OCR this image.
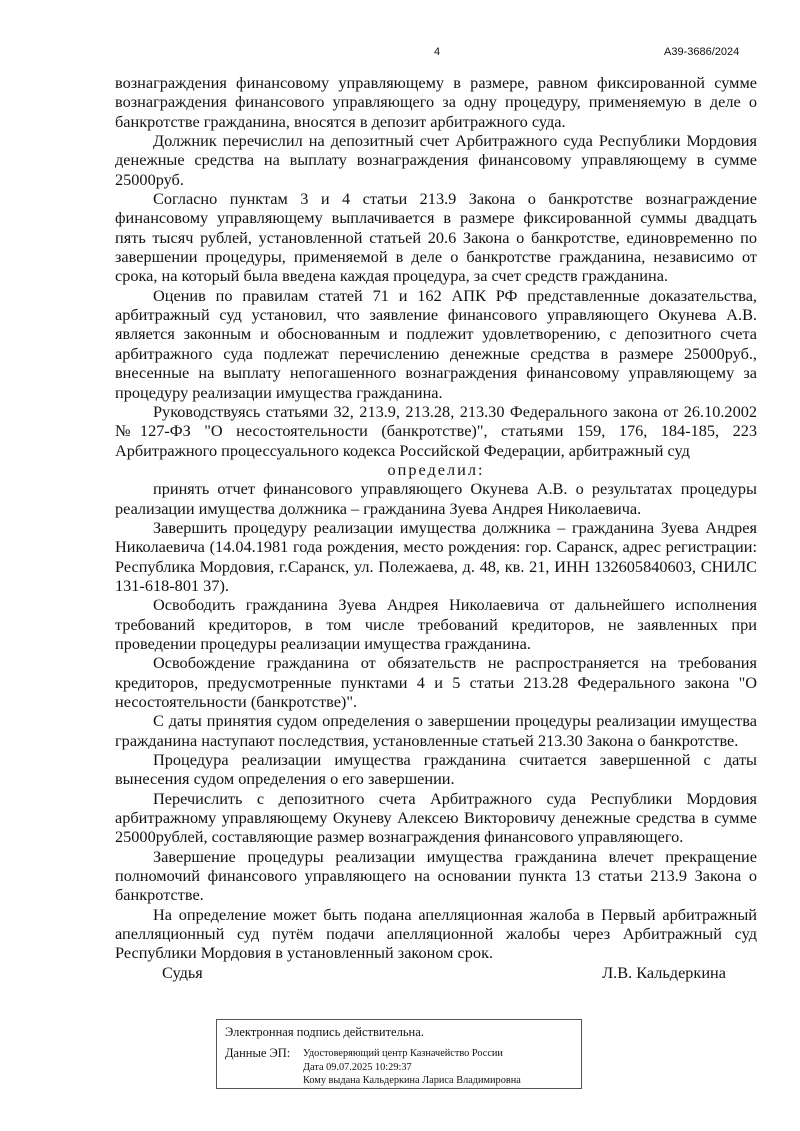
4	А39-3686/2024

вознаграждения финансовому управляющему в размере, равном фиксированной сумме вознаграждения финансового управляющего за одну процедуру, применяемую в деле о банкротстве гражданина, вносятся в депозит арбитражного суда.

Должник перечислил на депозитный счет Арбитражного суда Республики Мордовия денежные средства на выплату вознаграждения финансовому управляющему в сумме 25000руб.

Согласно пунктам 3 и 4 статьи 213.9 Закона о банкротстве вознаграждение финансовому управляющему выплачивается в размере фиксированной суммы двадцать пять тысяч рублей, установленной статьей 20.6 Закона о банкротстве, единовременно по завершении процедуры, применяемой в деле о банкротстве гражданина, независимо от срока, на который была введена каждая процедура, за счет средств гражданина.

Оценив по правилам статей 71 и 162 АПК РФ представленные доказательства, арбитражный суд установил, что заявление финансового управляющего Окунева А.В. является законным и обоснованным и подлежит удовлетворению, с депозитного счета арбитражного суда подлежат перечислению денежные средства в размере 25000руб., внесенные на выплату непогашенного вознаграждения финансовому управляющему за процедуру реализации имущества гражданина.

Руководствуясь статьями 32, 213.9, 213.28, 213.30 Федерального закона от 26.10.2002 №127-ФЗ "О несостоятельности (банкротстве)", статьями 159, 176, 184-185, 223 Арбитражного процессуального кодекса Российской Федерации, арбитражный суд

определил:

принять отчет финансового управляющего Окунева А.В. о результатах процедуры реализации имущества должника – гражданина Зуева Андрея Николаевича.

Завершить процедуру реализации имущества должника – гражданина Зуева Андрея Николаевича (14.04.1981 года рождения, место рождения: гор. Саранск, адрес регистрации: Республика Мордовия, г.Саранск, ул. Полежаева, д. 48, кв. 21, ИНН 132605840603, СНИЛС 131-618-801 37).

Освободить гражданина Зуева Андрея Николаевича от дальнейшего исполнения требований кредиторов, в том числе требований кредиторов, не заявленных при проведении процедуры реализации имущества гражданина.

Освобождение гражданина от обязательств не распространяется на требования кредиторов, предусмотренные пунктами 4 и 5 статьи 213.28 Федерального закона "О несостоятельности (банкротстве)".

С даты принятия судом определения о завершении процедуры реализации имущества гражданина наступают последствия, установленные статьей 213.30 Закона о банкротстве.

Процедура реализации имущества гражданина считается завершенной с даты вынесения судом определения о его завершении.

Перечислить с депозитного счета Арбитражного суда Республики Мордовия арбитражному управляющему Окуневу Алексею Викторовичу денежные средства в сумме 25000рублей, составляющие размер вознаграждения финансового управляющего.

Завершение процедуры реализации имущества гражданина влечет прекращение полномочий финансового управляющего на основании пункта 13 статьи 213.9 Закона о банкротстве.

На определение может быть подана апелляционная жалоба в Первый арбитражный апелляционный суд путём подачи апелляционной жалобы через Арбитражный суд Республики Мордовия в установленный законом срок.

Судья	Л.В. Кальдеркина
Электронная подпись действительна.
Данные ЭП: Удостоверяющий центр Казначейство России
Дата 09.07.2025 10:29:37
Кому выдана Кальдеркина Лариса Владимировна
